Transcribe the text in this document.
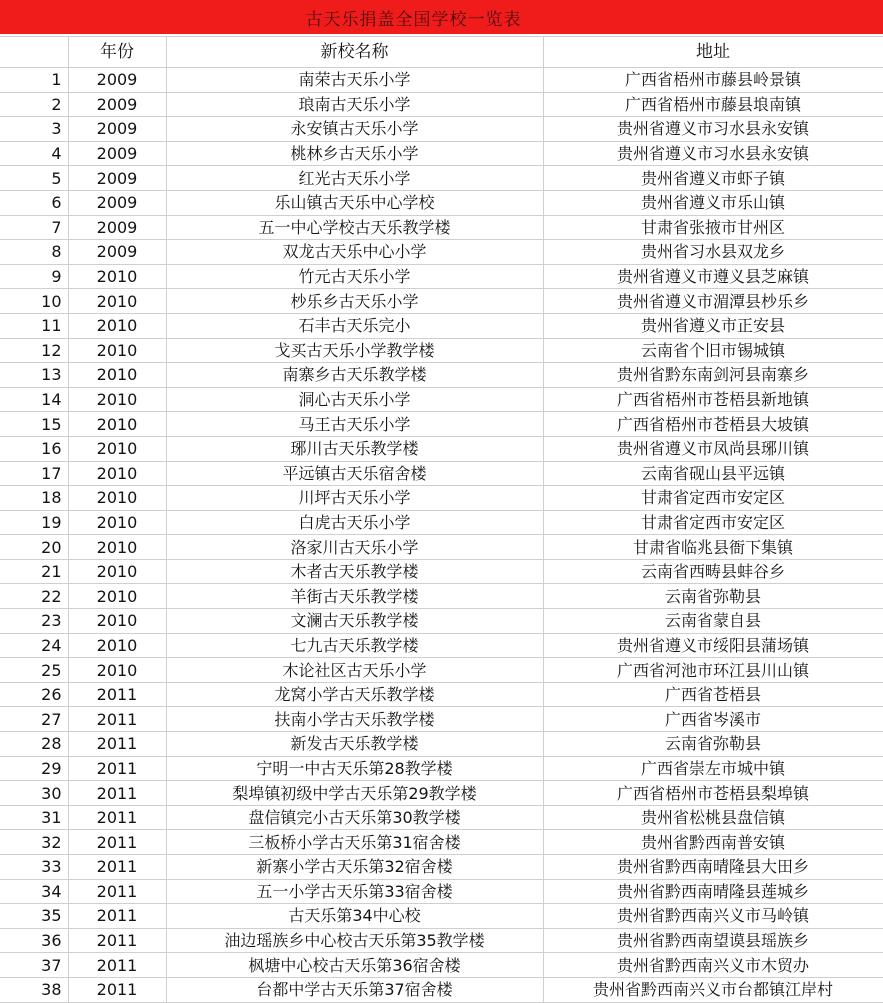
古天乐捐盖全国学校一览表
	年份	新校名称	地址
1	2009	南荣古天乐小学	广西省梧州市藤县岭景镇
2	2009	琅南古天乐小学	广西省梧州市藤县埌南镇
3	2009	永安镇古天乐小学	贵州省遵义市习水县永安镇
4	2009	桃林乡古天乐小学	贵州省遵义市习水县永安镇
5	2009	红光古天乐小学	贵州省遵义市虾子镇
6	2009	乐山镇古天乐中心学校	贵州省遵义市乐山镇
7	2009	五一中心学校古天乐教学楼	甘肃省张掖市甘州区
8	2009	双龙古天乐中心小学	贵州省习水县双龙乡
9	2010	竹元古天乐小学	贵州省遵义市遵义县芝麻镇
10	2010	杪乐乡古天乐小学	贵州省遵义市湄潭县杪乐乡
11	2010	石丰古天乐完小	贵州省遵义市正安县
12	2010	戈买古天乐小学教学楼	云南省个旧市锡城镇
13	2010	南寨乡古天乐教学楼	贵州省黔东南剑河县南寨乡
14	2010	洞心古天乐小学	广西省梧州市苍梧县新地镇
15	2010	马王古天乐小学	广西省梧州市苍梧县大坡镇
16	2010	琊川古天乐教学楼	贵州省遵义市凤尚县琊川镇
17	2010	平远镇古天乐宿舍楼	云南省砚山县平远镇
18	2010	川坪古天乐小学	甘肃省定西市安定区
19	2010	白虎古天乐小学	甘肃省定西市安定区
20	2010	洛家川古天乐小学	甘肃省临兆县衙下集镇
21	2010	木者古天乐教学楼	云南省西畴县蚌谷乡
22	2010	羊街古天乐教学楼	云南省弥勒县
23	2010	文澜古天乐教学楼	云南省蒙自县
24	2010	七九古天乐教学楼	贵州省遵义市绥阳县蒲场镇
25	2010	木论社区古天乐小学	广西省河池市环江县川山镇
26	2011	龙窝小学古天乐教学楼	广西省苍梧县
27	2011	扶南小学古天乐教学楼	广西省岑溪市
28	2011	新发古天乐教学楼	云南省弥勒县
29	2011	宁明一中古天乐第28教学楼	广西省崇左市城中镇
30	2011	梨埠镇初级中学古天乐第29教学楼	广西省梧州市苍梧县梨埠镇
31	2011	盘信镇完小古天乐第30教学楼	贵州省松桃县盘信镇
32	2011	三板桥小学古天乐第31宿舍楼	贵州省黔西南普安镇
33	2011	新寨小学古天乐第32宿舍楼	贵州省黔西南晴隆县大田乡
34	2011	五一小学古天乐第33宿舍楼	贵州省黔西南晴隆县莲城乡
35	2011	古天乐第34中心校	贵州省黔西南兴义市马岭镇
36	2011	油边瑶族乡中心校古天乐第35教学楼	贵州省黔西南望谟县瑶族乡
37	2011	枫塘中心校古天乐第36宿舍楼	贵州省黔西南兴义市木贸办
38	2011	台都中学古天乐第37宿舍楼	贵州省黔西南兴义市台都镇江岸村
